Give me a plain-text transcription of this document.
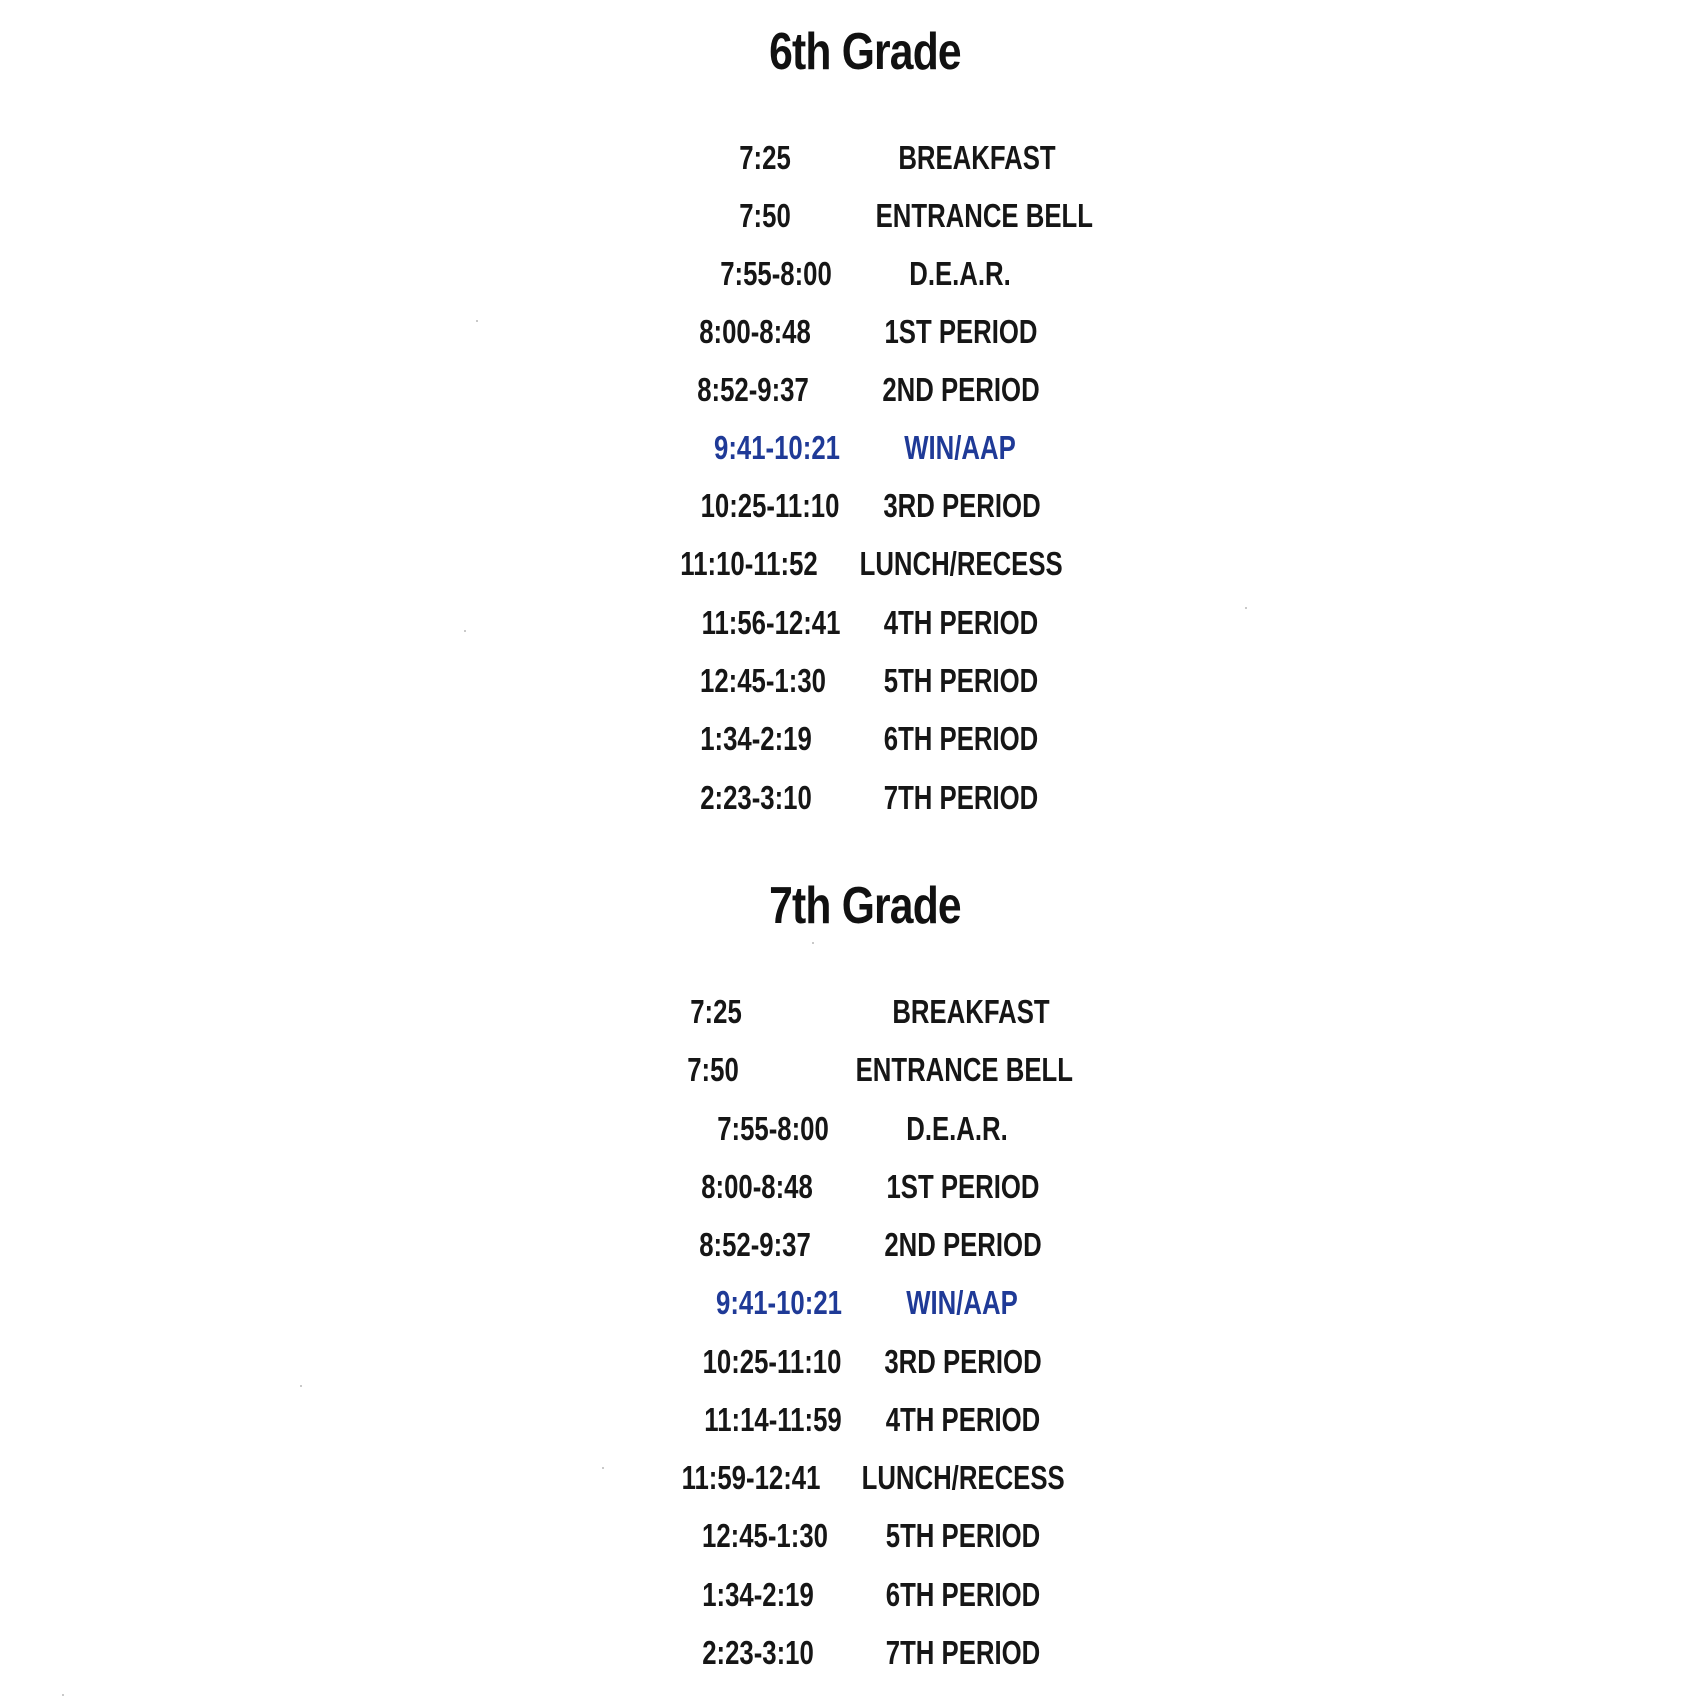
6th Grade
7:25	BREAKFAST
7:50	ENTRANCE BELL
7:55-8:00	D.E.A.R.
8:00-8:48	1ST PERIOD
8:52-9:37	2ND PERIOD
9:41-10:21	WIN/AAP
10:25-11:10	3RD PERIOD
11:10-11:52 LUNCH/RECESS
11:56-12:41	4TH PERIOD
12:45-1:30	5TH PERIOD
1:34-2:19	6TH PERIOD
2:23-3:10	7TH PERIOD
7th Grade
7:25	BREAKFAST
7:50	ENTRANCE BELL
7:55-8:00	D.E.A.R.
8:00-8:48	1ST PERIOD
8:52-9:37	2ND PERIOD
9:41-10:21	WIN/AAP
10:25-11:10	3RD PERIOD
11:14-11:59	4TH PERIOD
11:59-12:41 LUNCH/RECESS
12:45-1:30	5TH PERIOD
1:34-2:19	6TH PERIOD
2:23-3:10	7TH PERIOD
